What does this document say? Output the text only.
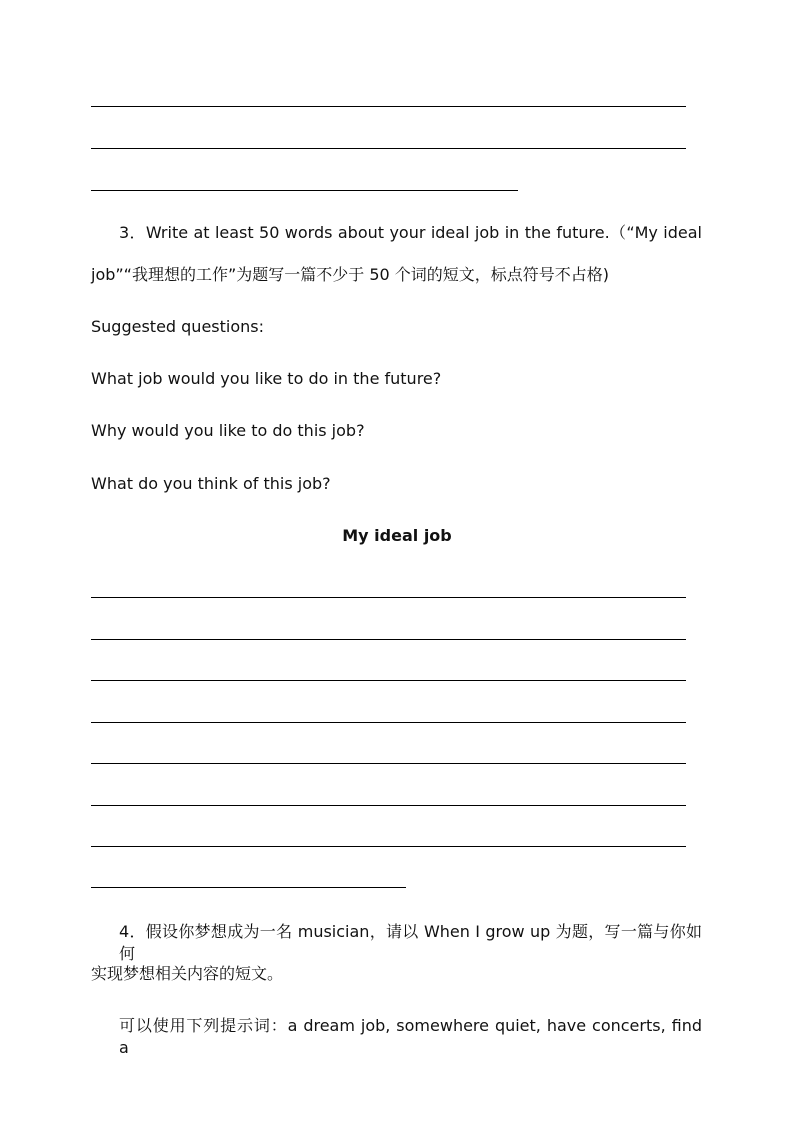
3．Write at least 50 words about your ideal job in the future.（“My ideal
job”“我理想的工作”为题写一篇不少于 50 个词的短文，标点符号不占格)
Suggested questions:
What job would you like to do in the future?
Why would you like to do this job?
What do you think of this job?
My ideal job
4．假设你梦想成为一名 musician，请以 When I grow up 为题，写一篇与你如何
实现梦想相关内容的短文。
可以使用下列提示词：a dream job, somewhere quiet, have concerts, find a
